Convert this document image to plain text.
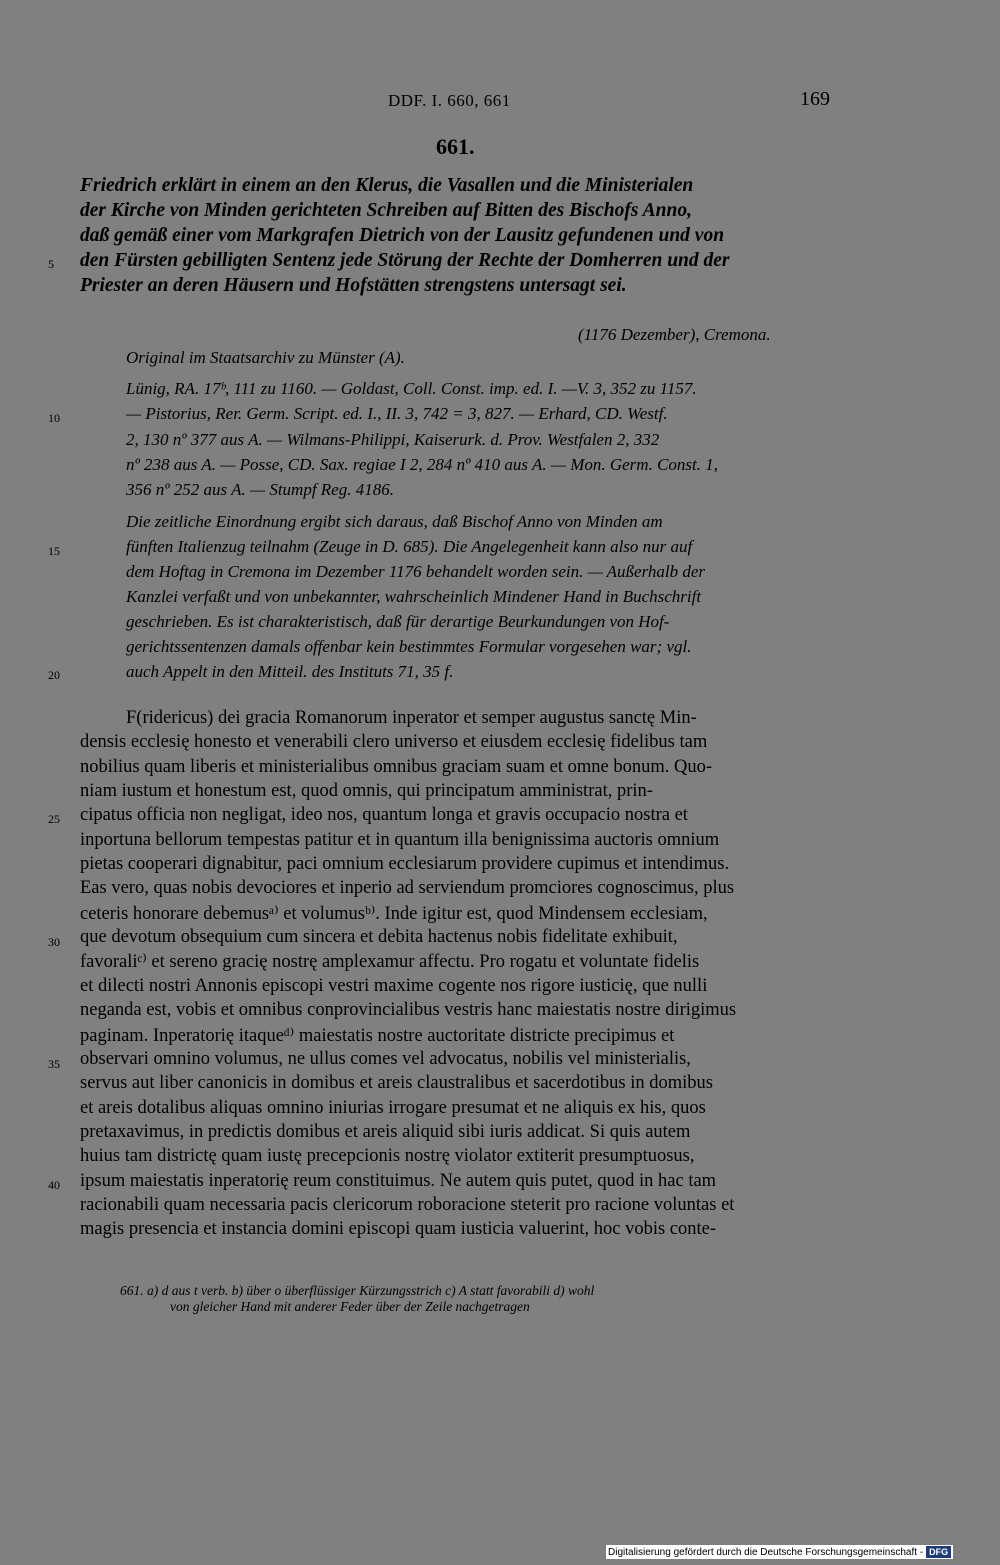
DDF. I. 660, 661	169
661.
Friedrich erklärt in einem an den Klerus, die Vasallen und die Ministerialen
der Kirche von Minden gerichteten Schreiben auf Bitten des Bischofs Anno,
daß gemäß einer vom Markgrafen Dietrich von der Lausitz gefundenen und von
den Fürsten gebilligten Sentenz jede Störung der Rechte der Domherren und der
Priester an deren Häusern und Hofstätten strengstens untersagt sei.
(1176 Dezember), Cremona.
Original im Staatsarchiv zu Münster (A).
Lünig, RA. 17ᵇ, 111 zu 1160. — Goldast, Coll. Const. imp. ed. I. —V. 3, 352 zu 1157.
— Pistorius, Rer. Germ. Script. ed. I., II. 3, 742 = 3, 827. — Erhard, CD. Westf.
2, 130 nº 377 aus A. — Wilmans-Philippi, Kaiserurk. d. Prov. Westfalen 2, 332
nº 238 aus A. — Posse, CD. Sax. regiae I 2, 284 nº 410 aus A. — Mon. Germ. Const. 1,
356 nº 252 aus A. — Stumpf Reg. 4186.
Die zeitliche Einordnung ergibt sich daraus, daß Bischof Anno von Minden am
fünften Italienzug teilnahm (Zeuge in D. 685). Die Angelegenheit kann also nur auf
dem Hoftag in Cremona im Dezember 1176 behandelt worden sein. — Außerhalb der
Kanzlei verfaßt und von unbekannter, wahrscheinlich Mindener Hand in Buchschrift
geschrieben. Es ist charakteristisch, daß für derartige Beurkundungen von Hof-
gerichtssentenzen damals offenbar kein bestimmtes Formular vorgesehen war; vgl.
auch Appelt in den Mitteil. des Instituts 71, 35 f.
F(ridericus) dei gracia Romanorum inperator et semper augustus sanctę Min-
densis ecclesię honesto et venerabili clero universo et eiusdem ecclesię fidelibus tam
nobilius quam liberis et ministerialibus omnibus graciam suam et omne bonum. Quo-
niam iustum et honestum est, quod omnis, qui principatum amministrat, prin-
cipatus officia non negligat, ideo nos, quantum longa et gravis occupacio nostra et
inportuna bellorum tempestas patitur et in quantum illa benignissima auctoris omnium
pietas cooperari dignabitur, paci omnium ecclesiarum providere cupimus et intendimus.
Eas vero, quas nobis devociores et inperio ad serviendum promciores cognoscimus, plus
ceteris honorare debemusᵃ⁾ et volumusᵇ⁾. Inde igitur est, quod Mindensem ecclesiam,
que devotum obsequium cum sincera et debita hactenus nobis fidelitate exhibuit,
favoraliᶜ⁾ et sereno gracię nostrę amplexamur affectu. Pro rogatu et voluntate fidelis
et dilecti nostri Annonis episcopi vestri maxime cogente nos rigore iusticię, que nulli
neganda est, vobis et omnibus conprovincialibus vestris hanc maiestatis nostre dirigimus
paginam. Inperatorię itaqueᵈ⁾ maiestatis nostre auctoritate districte precipimus et
observari omnino volumus, ne ullus comes vel advocatus, nobilis vel ministerialis,
servus aut liber canonicis in domibus et areis claustralibus et sacerdotibus in domibus
et areis dotalibus aliquas omnino iniurias irrogare presumat et ne aliquis ex his, quos
pretaxavimus, in predictis domibus et areis aliquid sibi iuris addicat. Si quis autem
huius tam districtę quam iustę precepcionis nostrę violator extiterit presumptuosus,
ipsum maiestatis inperatorię reum constituimus. Ne autem quis putet, quod in hac tam
racionabili quam necessaria pacis clericorum roboracione steterit pro racione voluntas et
magis presencia et instancia domini episcopi quam iusticia valuerint, hoc vobis conte-
5
10
15
20
25
30
35
40
661. a) d aus t verb. b) über o überflüssiger Kürzungsstrich c) A statt favorabili d) wohl
von gleicher Hand mit anderer Feder über der Zeile nachgetragen
Digitalisierung gefördert durch die Deutsche Forschungsgemeinschaft - DFG
